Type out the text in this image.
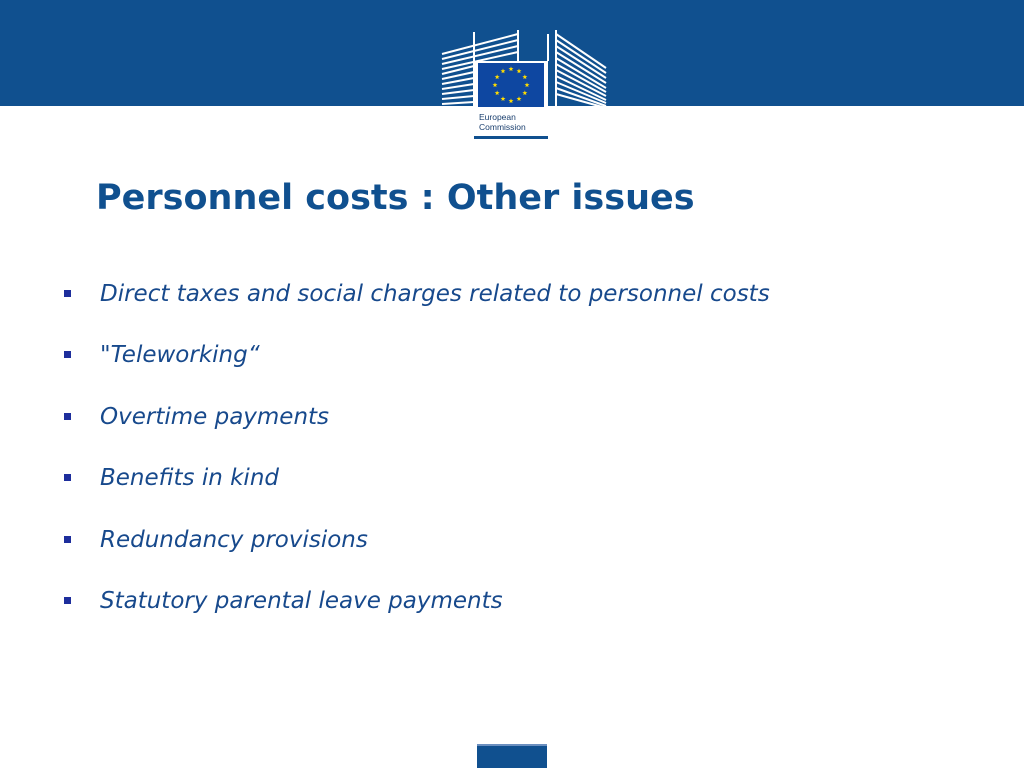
European
Commission
Personnel costs : Other issues
Direct taxes and social charges related to personnel costs
"Teleworking“
Overtime payments
Benefits in kind
Redundancy provisions
Statutory parental leave payments
